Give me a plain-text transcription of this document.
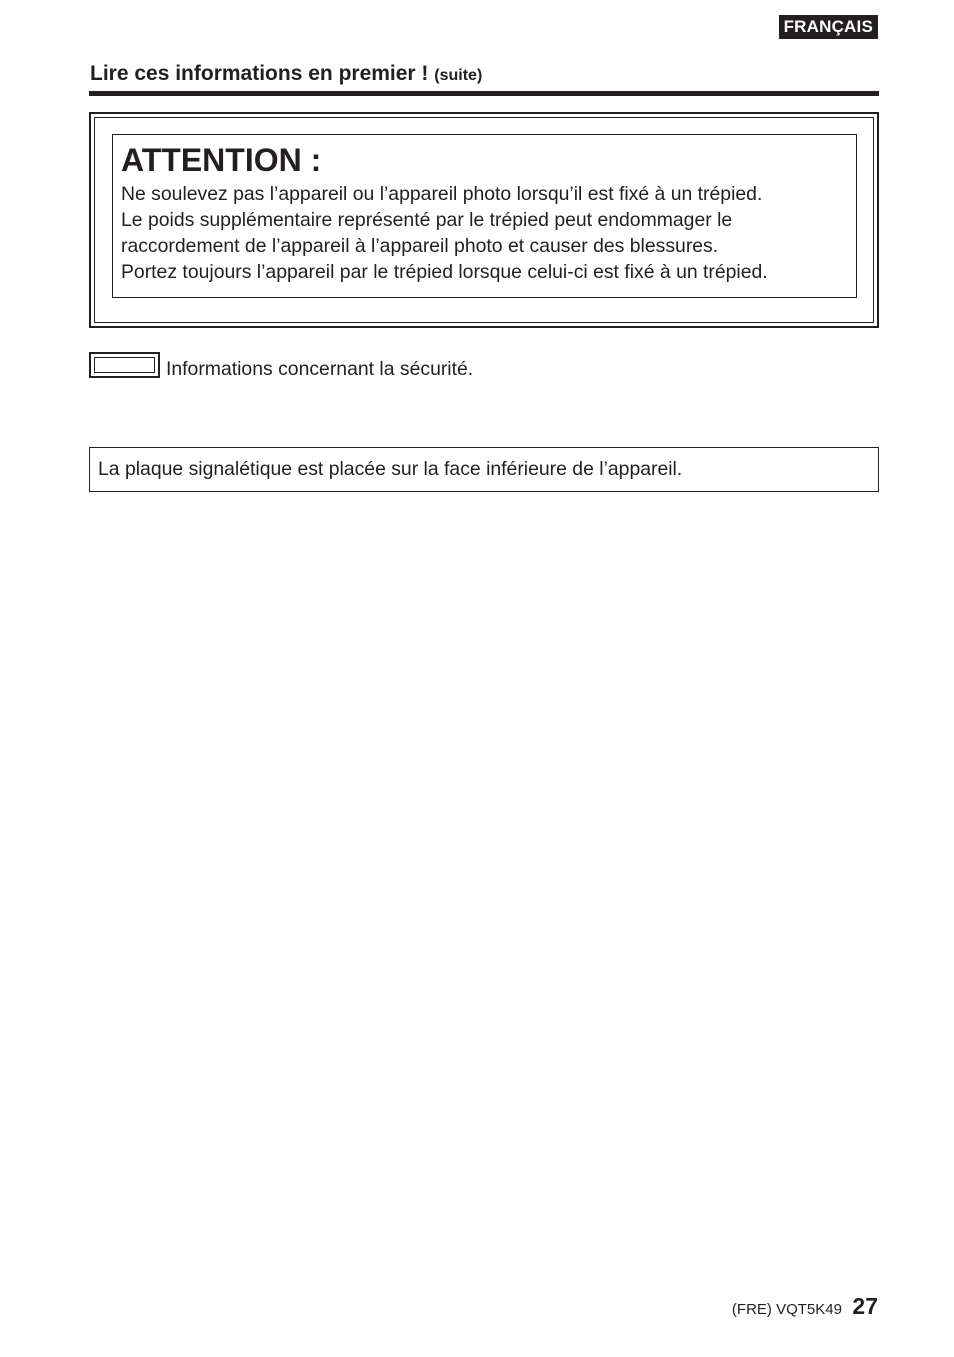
FRANÇAIS
Lire ces informations en premier ! (suite)
ATTENTION :
Ne soulevez pas l’appareil ou l’appareil photo lorsqu’il est fixé à un trépied.
Le poids supplémentaire représenté par le trépied peut endommager le
raccordement de l’appareil à l’appareil photo et causer des blessures.
Portez toujours l’appareil par le trépied lorsque celui-ci est fixé à un trépied.
Informations concernant la sécurité.
La plaque signalétique est placée sur la face inférieure de l’appareil.
(FRE) VQT5K49 27
